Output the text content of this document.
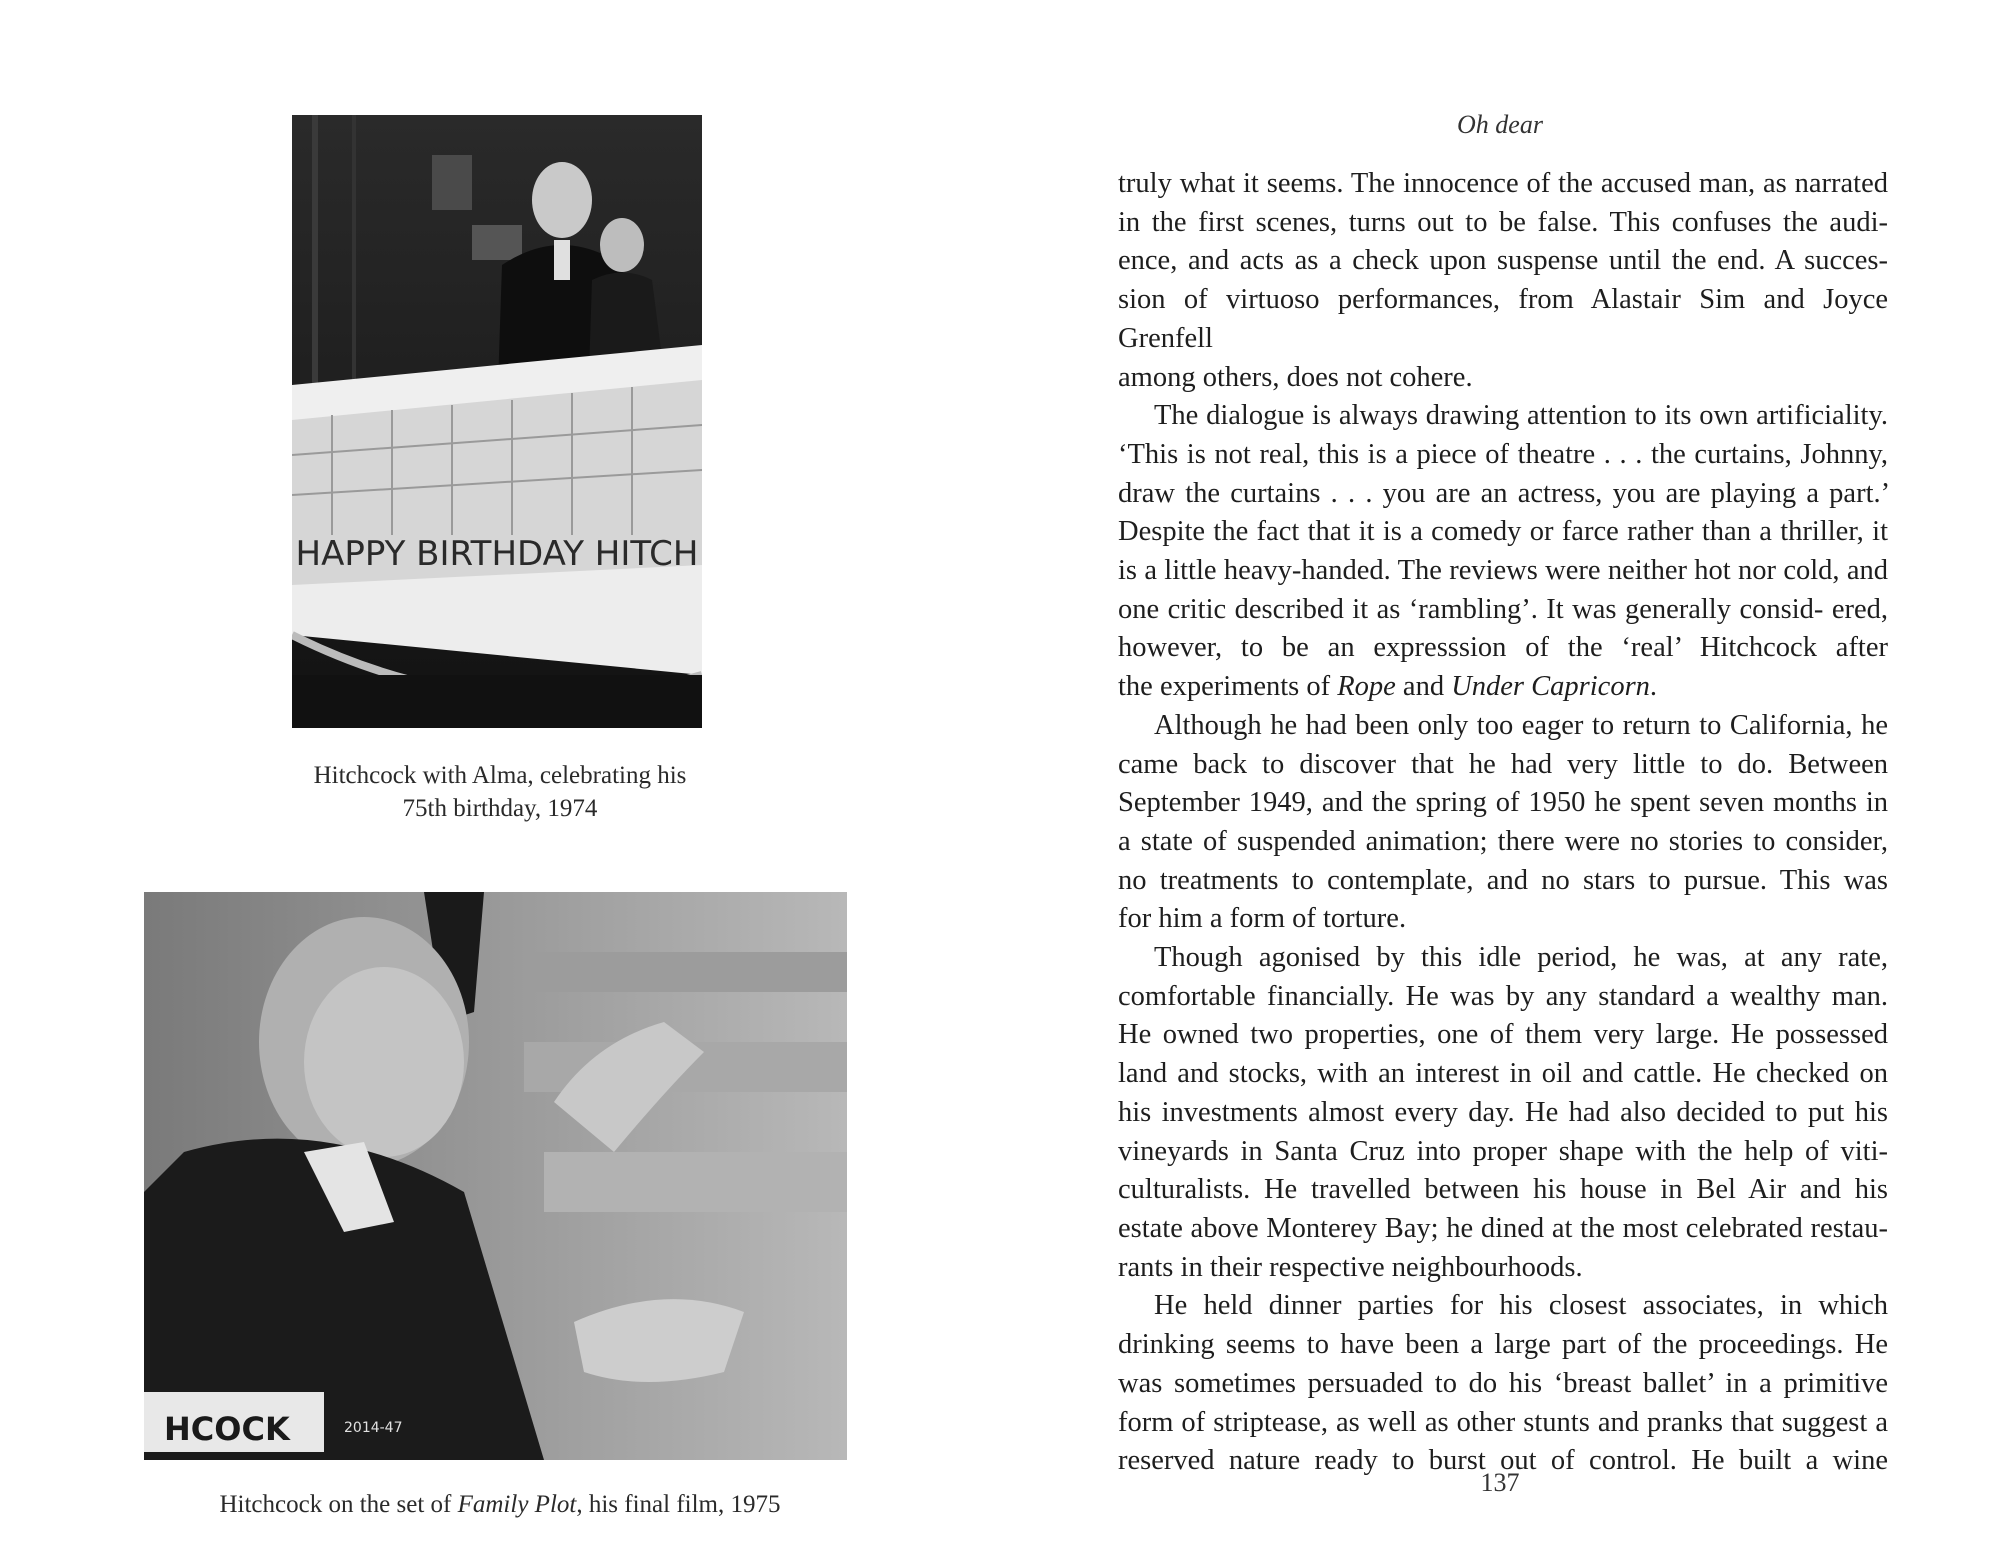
HAPPY BIRTHDAY HITCH
Hitchcock with Alma, celebrating his
75th birthday, 1974
HCOCK	2014-47
Hitchcock on the set of Family Plot, his final film, 1975
Oh dear

truly what it seems. The innocence of the accused man, as narrated in the first scenes, turns out to be false. This confuses the audi- ence, and acts as a check upon suspense until the end. A succes- sion of virtuoso performances, from Alastair Sim and Joyce Grenfell

among others, does not cohere.

The dialogue is always drawing attention to its own artificiality. ‘This is not real, this is a piece of theatre . . . the curtains, Johnny, draw the curtains . . . you are an actress, you are playing a part.’ Despite the fact that it is a comedy or farce rather than a thriller, it is a little heavy-handed. The reviews were neither hot nor cold, and one critic described it as ‘rambling’. It was generally consid- ered, however, to be an expresssion of the ‘real’ Hitchcock after

the experiments of Rope and Under Capricorn.

Although he had been only too eager to return to California, he came back to discover that he had very little to do. Between September 1949, and the spring of 1950 he spent seven months in a state of suspended animation; there were no stories to consider, no treatments to contemplate, and no stars to pursue. This was

for him a form of torture.

Though agonised by this idle period, he was, at any rate, comfortable financially. He was by any standard a wealthy man. He owned two properties, one of them very large. He possessed land and stocks, with an interest in oil and cattle. He checked on his investments almost every day. He had also decided to put his vineyards in Santa Cruz into proper shape with the help of viti- culturalists. He travelled between his house in Bel Air and his estate above Monterey Bay; he dined at the most celebrated restau-

rants in their respective neighbourhoods.

He held dinner parties for his closest associates, in which drinking seems to have been a large part of the proceedings. He was sometimes persuaded to do his ‘breast ballet’ in a primitive form of striptease, as well as other stunts and pranks that suggest a reserved nature ready to burst out of control. He built a wine

137
